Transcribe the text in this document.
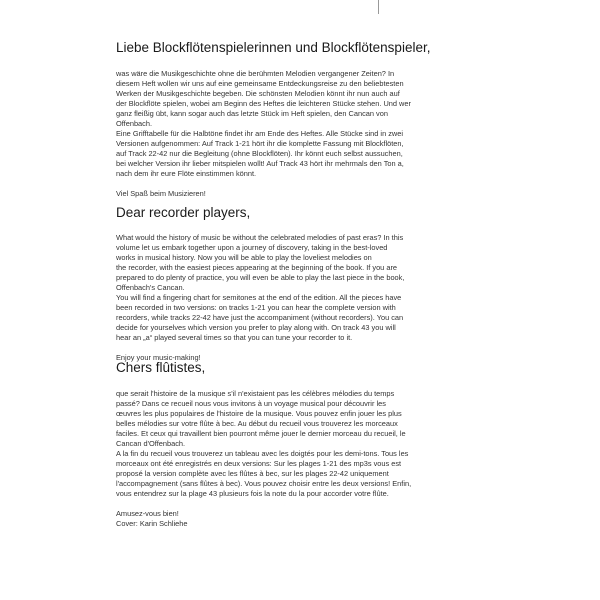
Liebe Blockflötenspielerinnen und Blockflötenspieler,

was wäre die Musikgeschichte ohne die berühmten Melodien vergangener Zeiten? In

diesem Heft wollen wir uns auf eine gemeinsame Entdeckungsreise zu den beliebtesten

Werken der Musikgeschichte begeben. Die schönsten Melodien könnt ihr nun auch auf

der Blockflöte spielen, wobei am Beginn des Heftes die leichteren Stücke stehen. Und wer

ganz fleißig übt, kann sogar auch das letzte Stück im Heft spielen, den Cancan von

Offenbach.

Eine Grifftabelle für die Halbtöne findet ihr am Ende des Heftes. Alle Stücke sind in zwei

Versionen aufgenommen: Auf Track 1-21 hört ihr die komplette Fassung mit Blockflöten,

auf Track 22-42 nur die Begleitung (ohne Blockflöten). Ihr könnt euch selbst aussuchen,

bei welcher Version ihr lieber mitspielen wollt! Auf Track 43 hört ihr mehrmals den Ton a,

nach dem ihr eure Flöte einstimmen könnt.

Viel Spaß beim Musizieren!

Dear recorder players,

What would the history of music be without the celebrated melodies of past eras? In this

volume let us embark together upon a journey of discovery, taking in the best-loved

works in musical history. Now you will be able to play the loveliest melodies on

the recorder, with the easiest pieces appearing at the beginning of the book. If you are

prepared to do plenty of practice, you will even be able to play the last piece in the book,

Offenbach's Cancan.

You will find a fingering chart for semitones at the end of the edition. All the pieces have

been recorded in two versions: on tracks 1-21 you can hear the complete version with

recorders, while tracks 22-42 have just the accompaniment (without recorders). You can

decide for yourselves which version you prefer to play along with. On track 43 you will

hear an „a“ played several times so that you can tune your recorder to it.

Enjoy your music-making!

Chers flûtistes,

que serait l'histoire de la musique s'il n'existaient pas les célèbres mélodies du temps

passé? Dans ce recueil nous vous invitons à un voyage musical pour découvrir les

œuvres les plus populaires de l'histoire de la musique. Vous pouvez enfin jouer les plus

belles mélodies sur votre flûte à bec. Au début du recueil vous trouverez les morceaux

faciles. Et ceux qui travaillent bien pourront même jouer le dernier morceau du recueil, le

Cancan d'Offenbach.

A la fin du recueil vous trouverez un tableau avec les doigtés pour les demi-tons. Tous les

morceaux ont été enregistrés en deux versions: Sur les plages 1-21 des mp3s vous est

proposé la version complète avec les flûtes à bec, sur les plages 22-42 uniquement

l'accompagnement (sans flûtes à bec). Vous pouvez choisir entre les deux versions! Enfin,

vous entendrez sur la plage 43 plusieurs fois la note du la pour accorder votre flûte.

Amusez-vous bien!

Cover: Karin Schliehe
